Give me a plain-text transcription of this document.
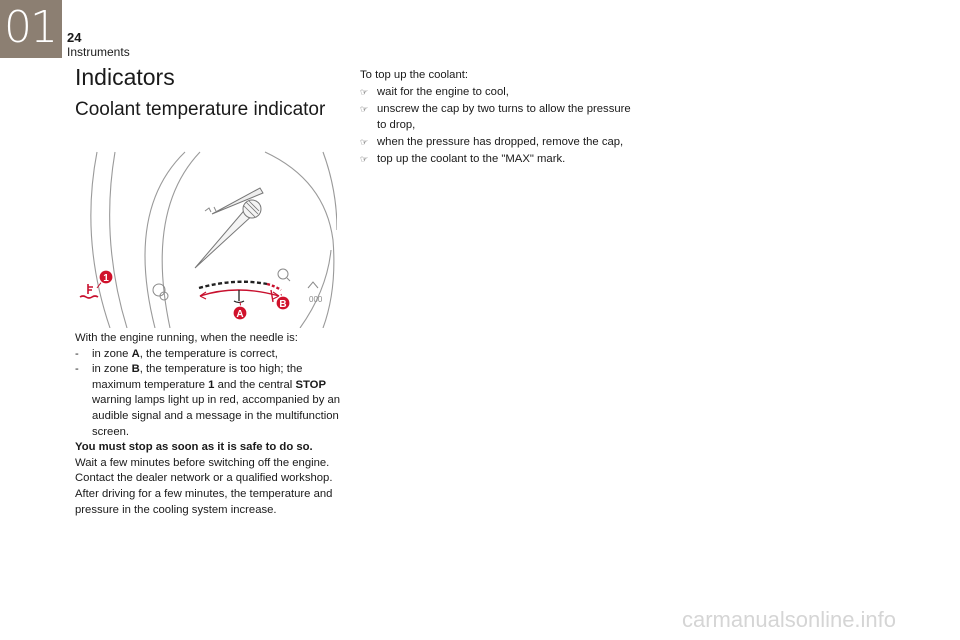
01 24
Instruments
Indicators
Coolant temperature indicator
1
A
B	000
With the engine running, when the needle is:
- in zone A, the temperature is correct,
- in zone B, the temperature is too high; the maximum temperature 1 and the central STOP warning lamps light up in red, accompanied by an audible signal and a message in the multifunction screen.
You must stop as soon as it is safe to do so.
Wait a few minutes before switching off the engine.
Contact the dealer network or a qualified workshop.
After driving for a few minutes, the temperature and pressure in the cooling system increase.
To top up the coolant:
☞ wait for the engine to cool,
☞ unscrew the cap by two turns to allow the pressure to drop,
☞ when the pressure has dropped, remove the cap,
☞ top up the coolant to the "MAX" mark.
carmanualsonline.info
